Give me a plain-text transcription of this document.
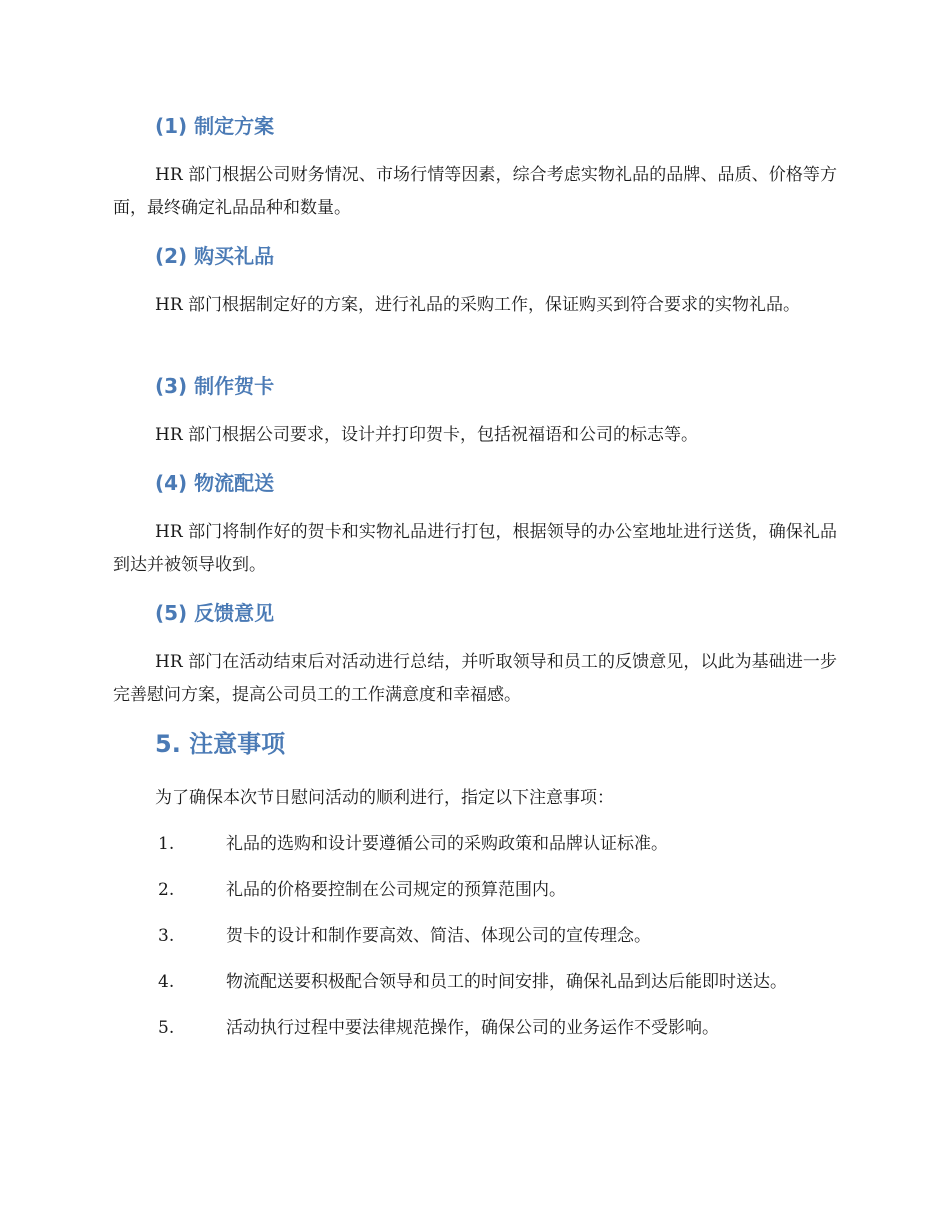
(1) 制定方案

HR 部门根据公司财务情况、市场行情等因素，综合考虑实物礼品的品牌、品质、价格等方面，最终确定礼品品种和数量。

(2) 购买礼品

HR 部门根据制定好的方案，进行礼品的采购工作，保证购买到符合要求的实物礼品。

(3) 制作贺卡

HR 部门根据公司要求，设计并打印贺卡，包括祝福语和公司的标志等。

(4) 物流配送

HR 部门将制作好的贺卡和实物礼品进行打包，根据领导的办公室地址进行送货，确保礼品到达并被领导收到。

(5) 反馈意见

HR 部门在活动结束后对活动进行总结，并听取领导和员工的反馈意见，以此为基础进一步完善慰问方案，提高公司员工的工作满意度和幸福感。

5. 注意事项

为了确保本次节日慰问活动的顺利进行，指定以下注意事项：

1.	礼品的选购和设计要遵循公司的采购政策和品牌认证标准。
2.	礼品的价格要控制在公司规定的预算范围内。
3.	贺卡的设计和制作要高效、简洁、体现公司的宣传理念。
4.	物流配送要积极配合领导和员工的时间安排，确保礼品到达后能即时送达。
5.	活动执行过程中要法律规范操作，确保公司的业务运作不受影响。
